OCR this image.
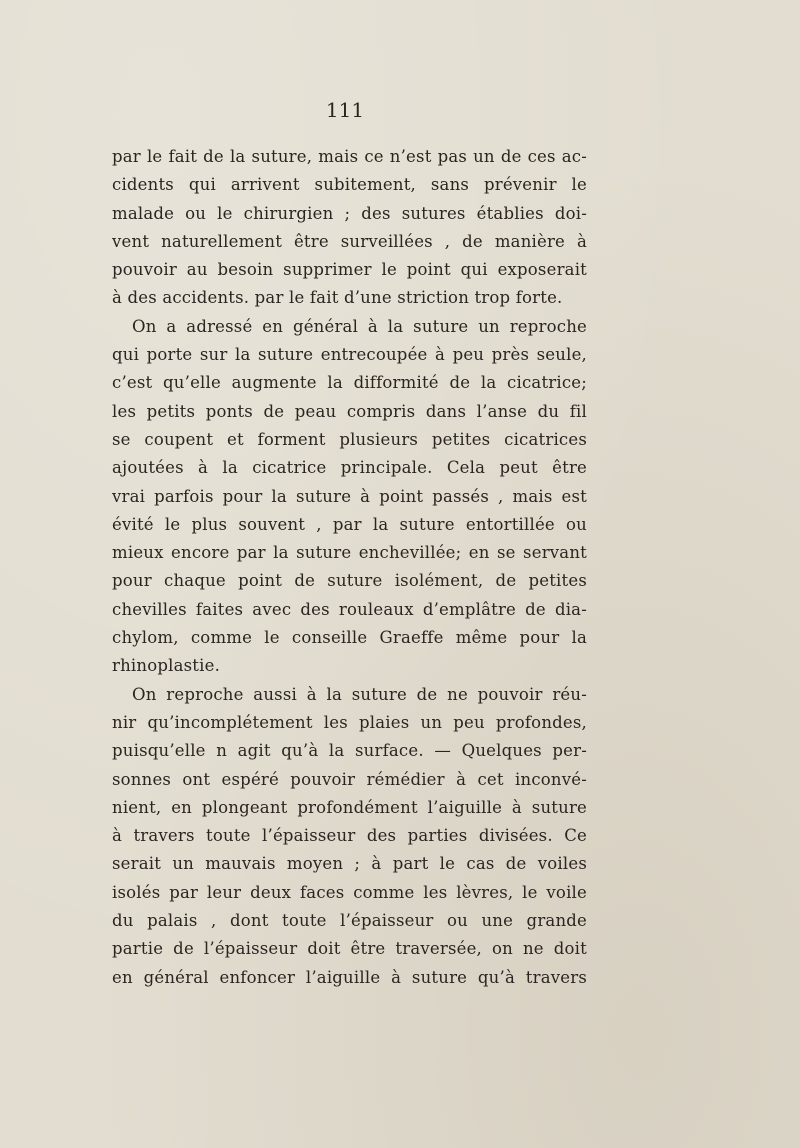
111
par le fait de la suture, mais ce n’est pas un de ces ac-
cidents qui arrivent subitement, sans prévenir le
malade ou le chirurgien ; des sutures établies doi-
vent naturellement être surveillées , de manière à
pouvoir au besoin supprimer le point qui exposerait
à des accidents. par le fait d’une striction trop forte.
On a adressé en général à la suture un reproche
qui porte sur la suture entrecoupée à peu près seule,
c’est qu’elle augmente la difformité de la cicatrice;
les petits ponts de peau compris dans l’anse du fil
se coupent et forment plusieurs petites cicatrices
ajoutées à la cicatrice principale. Cela peut être
vrai parfois pour la suture à point passés , mais est
évité le plus souvent , par la suture entortillée ou
mieux encore par la suture enchevillée; en se servant
pour chaque point de suture isolément, de petites
chevilles faites avec des rouleaux d’emplâtre de dia-
chylom, comme le conseille Graeffe même pour la
rhinoplastie.
On reproche aussi à la suture de ne pouvoir réu-
nir qu’incomplétement les plaies un peu profondes,
puisqu’elle n agit qu’à la surface. — Quelques per-
sonnes ont espéré pouvoir rémédier à cet inconvé-
nient, en plongeant profondément l’aiguille à suture
à travers toute l’épaisseur des parties divisées. Ce
serait un mauvais moyen ; à part le cas de voiles
isolés par leur deux faces comme les lèvres, le voile
du palais , dont toute l’épaisseur ou une grande
partie de l’épaisseur doit être traversée, on ne doit
en général enfoncer l’aiguille à suture qu’à travers
